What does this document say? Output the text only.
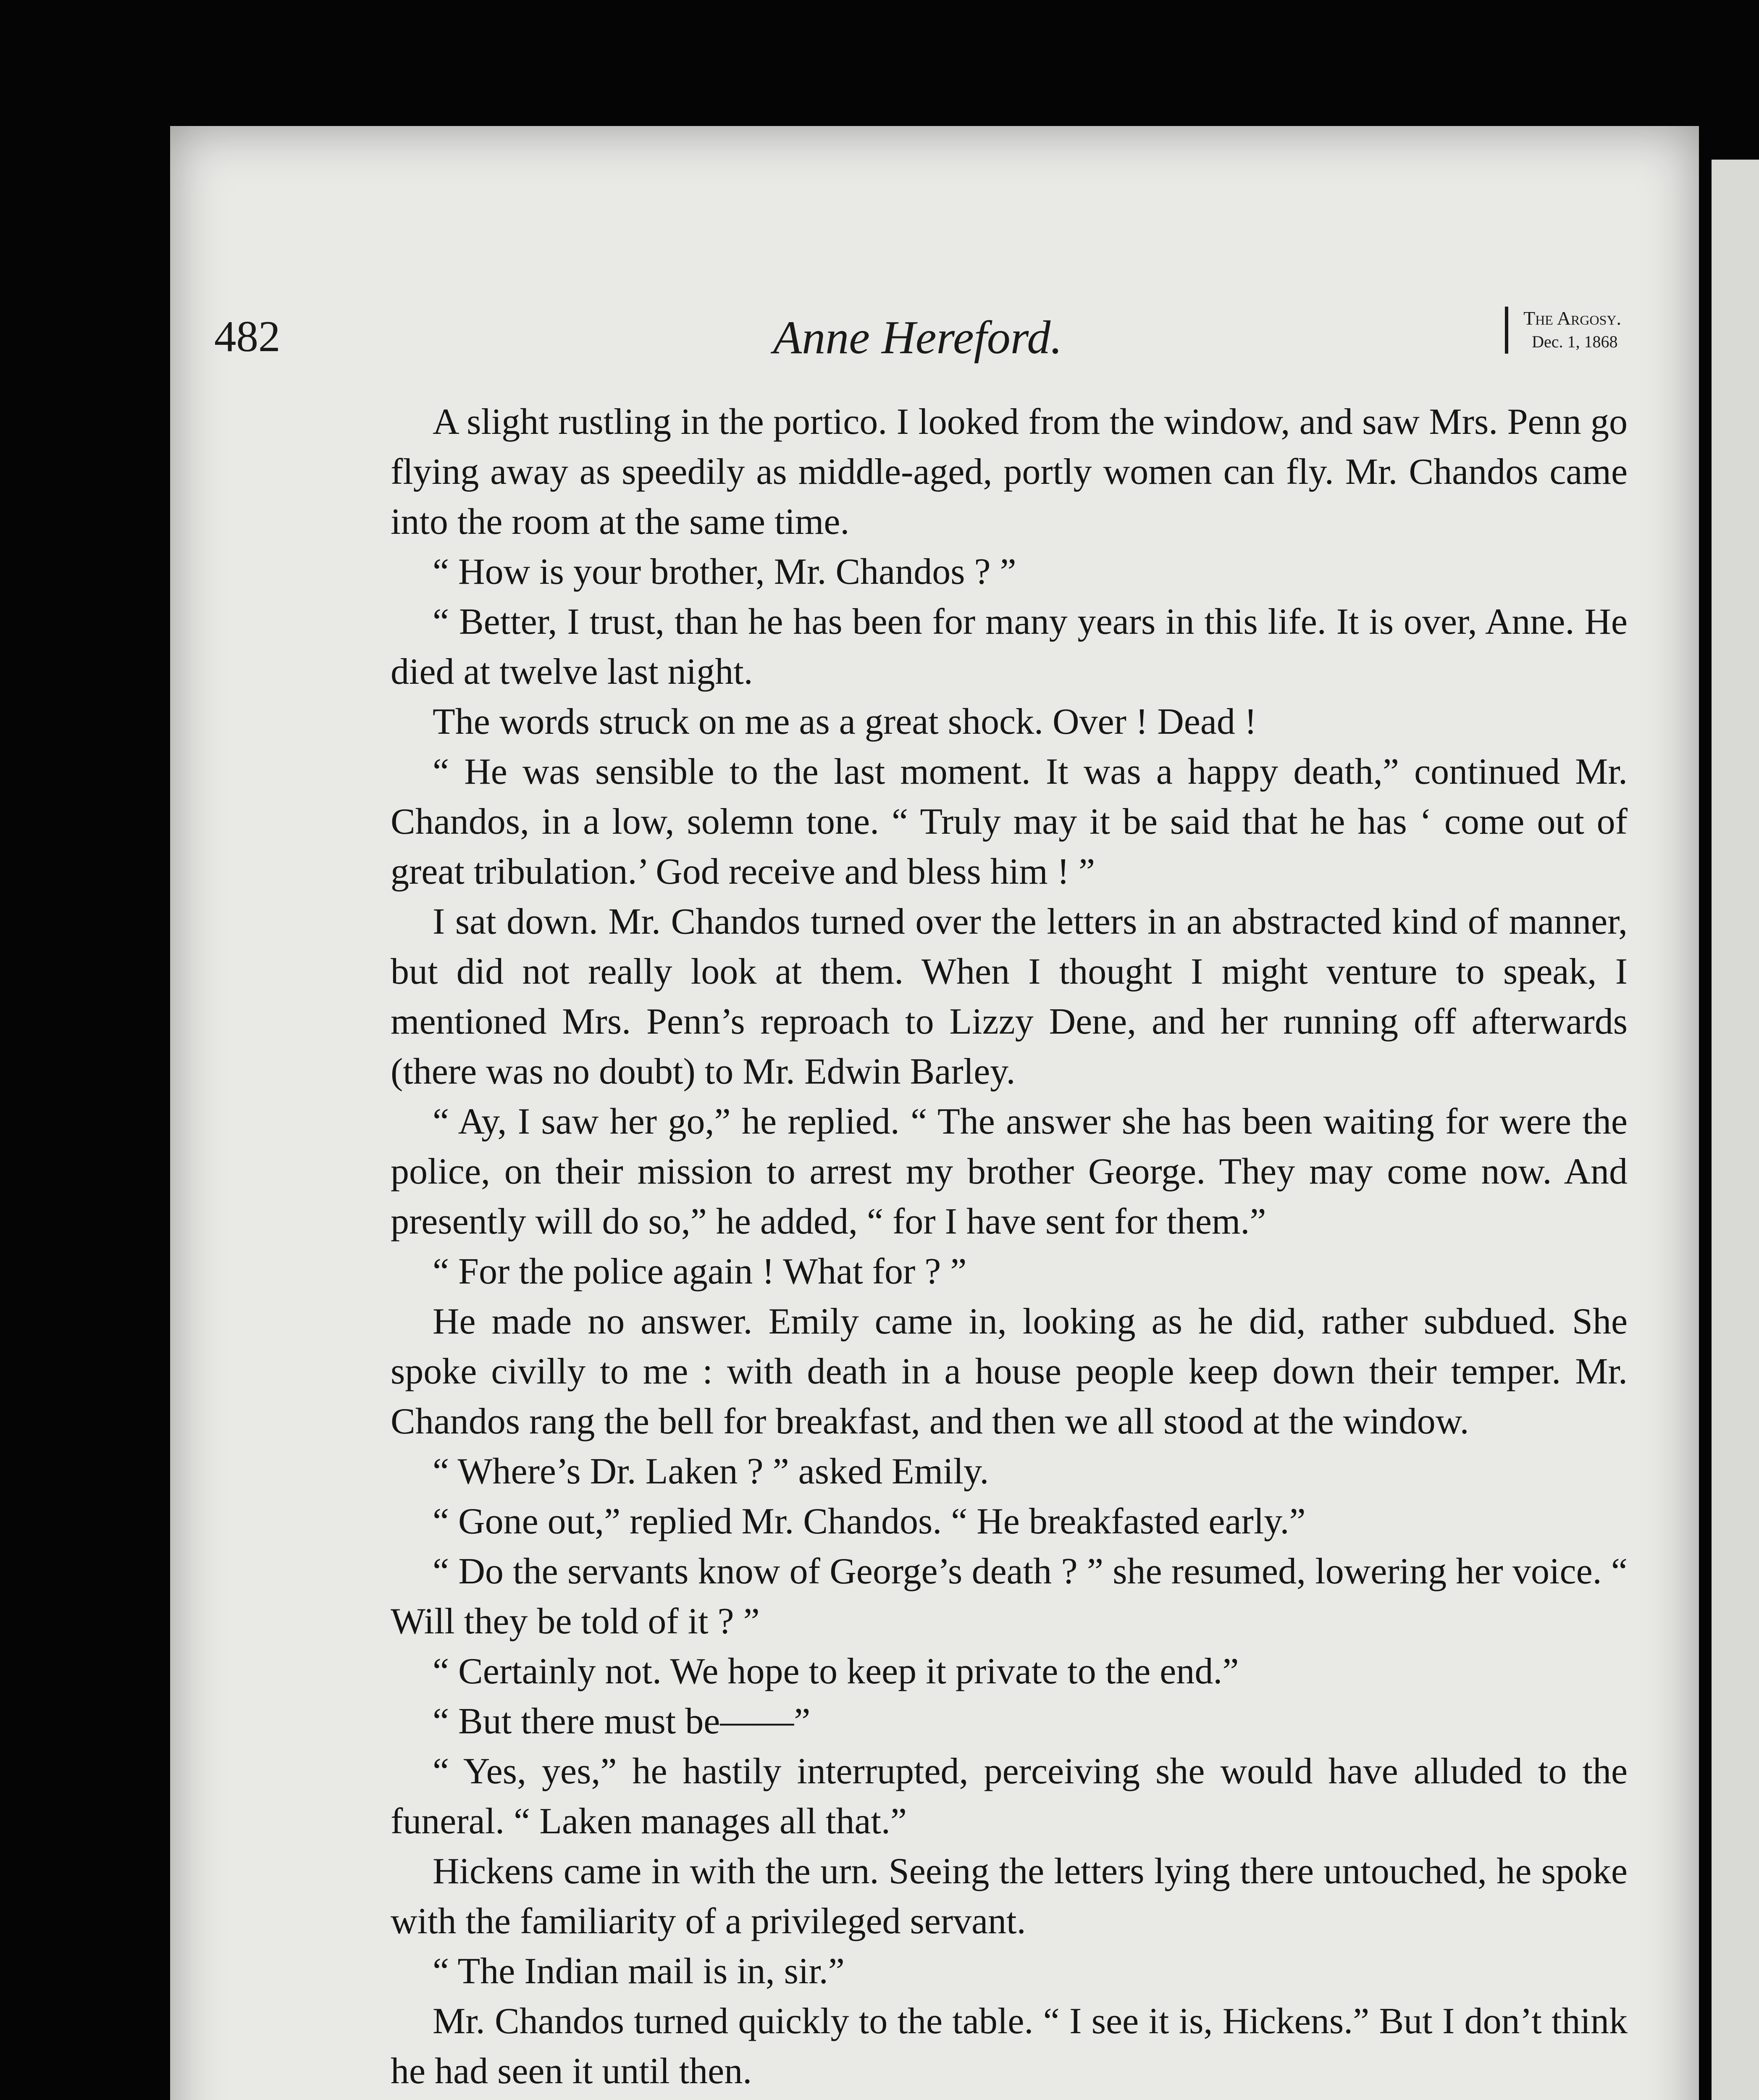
482	Anne Hereford.	The Argosy.
Dec. 1, 1868

A slight rustling in the portico. I looked from the window, and saw Mrs. Penn go flying away as speedily as middle-aged, portly women can fly. Mr. Chandos came into the room at the same time.

“ How is your brother, Mr. Chandos ? ”

“ Better, I trust, than he has been for many years in this life. It is over, Anne. He died at twelve last night.

The words struck on me as a great shock. Over ! Dead !

“ He was sensible to the last moment. It was a happy death,” continued Mr. Chandos, in a low, solemn tone. “ Truly may it be said that he has ‘ come out of great tribulation.’ God receive and bless him ! ”

I sat down. Mr. Chandos turned over the letters in an abstracted kind of manner, but did not really look at them. When I thought I might venture to speak, I mentioned Mrs. Penn’s reproach to Lizzy Dene, and her running off afterwards (there was no doubt) to Mr. Edwin Barley.

“ Ay, I saw her go,” he replied. “ The answer she has been waiting for were the police, on their mission to arrest my brother George. They may come now. And presently will do so,” he added, “ for I have sent for them.”

“ For the police again ! What for ? ”

He made no answer. Emily came in, looking as he did, rather subdued. She spoke civilly to me : with death in a house people keep down their temper. Mr. Chandos rang the bell for breakfast, and then we all stood at the window.

“ Where’s Dr. Laken ? ” asked Emily.

“ Gone out,” replied Mr. Chandos. “ He breakfasted early.”

“ Do the servants know of George’s death ? ” she resumed, lowering her voice. “ Will they be told of it ? ”

“ Certainly not. We hope to keep it private to the end.”

“ But there must be——”

“ Yes, yes,” he hastily interrupted, perceiving she would have alluded to the funeral. “ Laken manages all that.”

Hickens came in with the urn. Seeing the letters lying there untouched, he spoke with the familiarity of a privileged servant.

“ The Indian mail is in, sir.”

Mr. Chandos turned quickly to the table. “ I see it is, Hickens.” But I don’t think he had seen it until then.
